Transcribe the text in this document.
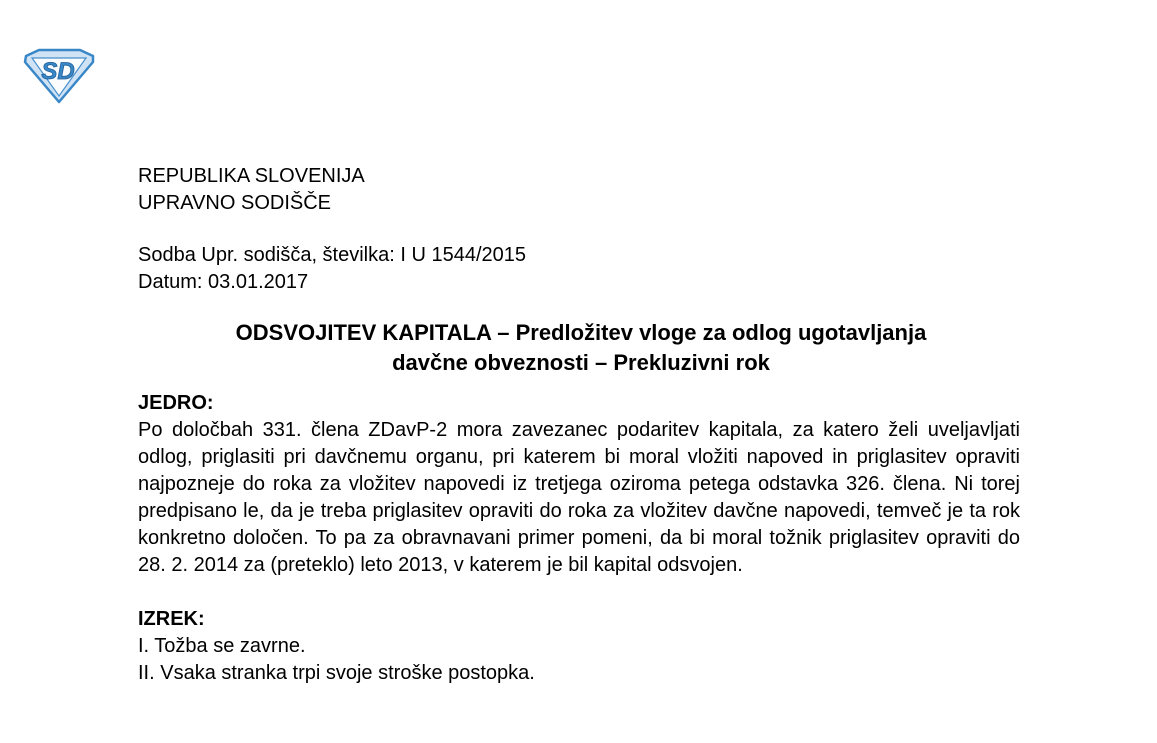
SD

REPUBLIKA SLOVENIJA

UPRAVNO SODIŠČE

Sodba Upr. sodišča, številka: I U 1544/2015

Datum: 03.01.2017

ODSVOJITEV KAPITALA – Predložitev vloge za odlog ugotavljanja

davčne obveznosti – Prekluzivni rok

JEDRO:

Po določbah 331. člena ZDavP-2 mora zavezanec podaritev kapitala, za katero želi uveljavljati odlog, priglasiti pri davčnemu organu, pri katerem bi moral vložiti napoved in priglasitev opraviti najpozneje do roka za vložitev napovedi iz tretjega oziroma petega odstavka 326. člena. Ni torej predpisano le, da je treba priglasitev opraviti do roka za vložitev davčne napovedi, temveč je ta rok konkretno določen. To pa za obravnavani primer pomeni, da bi moral tožnik priglasitev opraviti do 28. 2. 2014 za (preteklo) leto 2013, v katerem je bil kapital odsvojen.

IZREK:

I. Tožba se zavrne.

II. Vsaka stranka trpi svoje stroške postopka.
